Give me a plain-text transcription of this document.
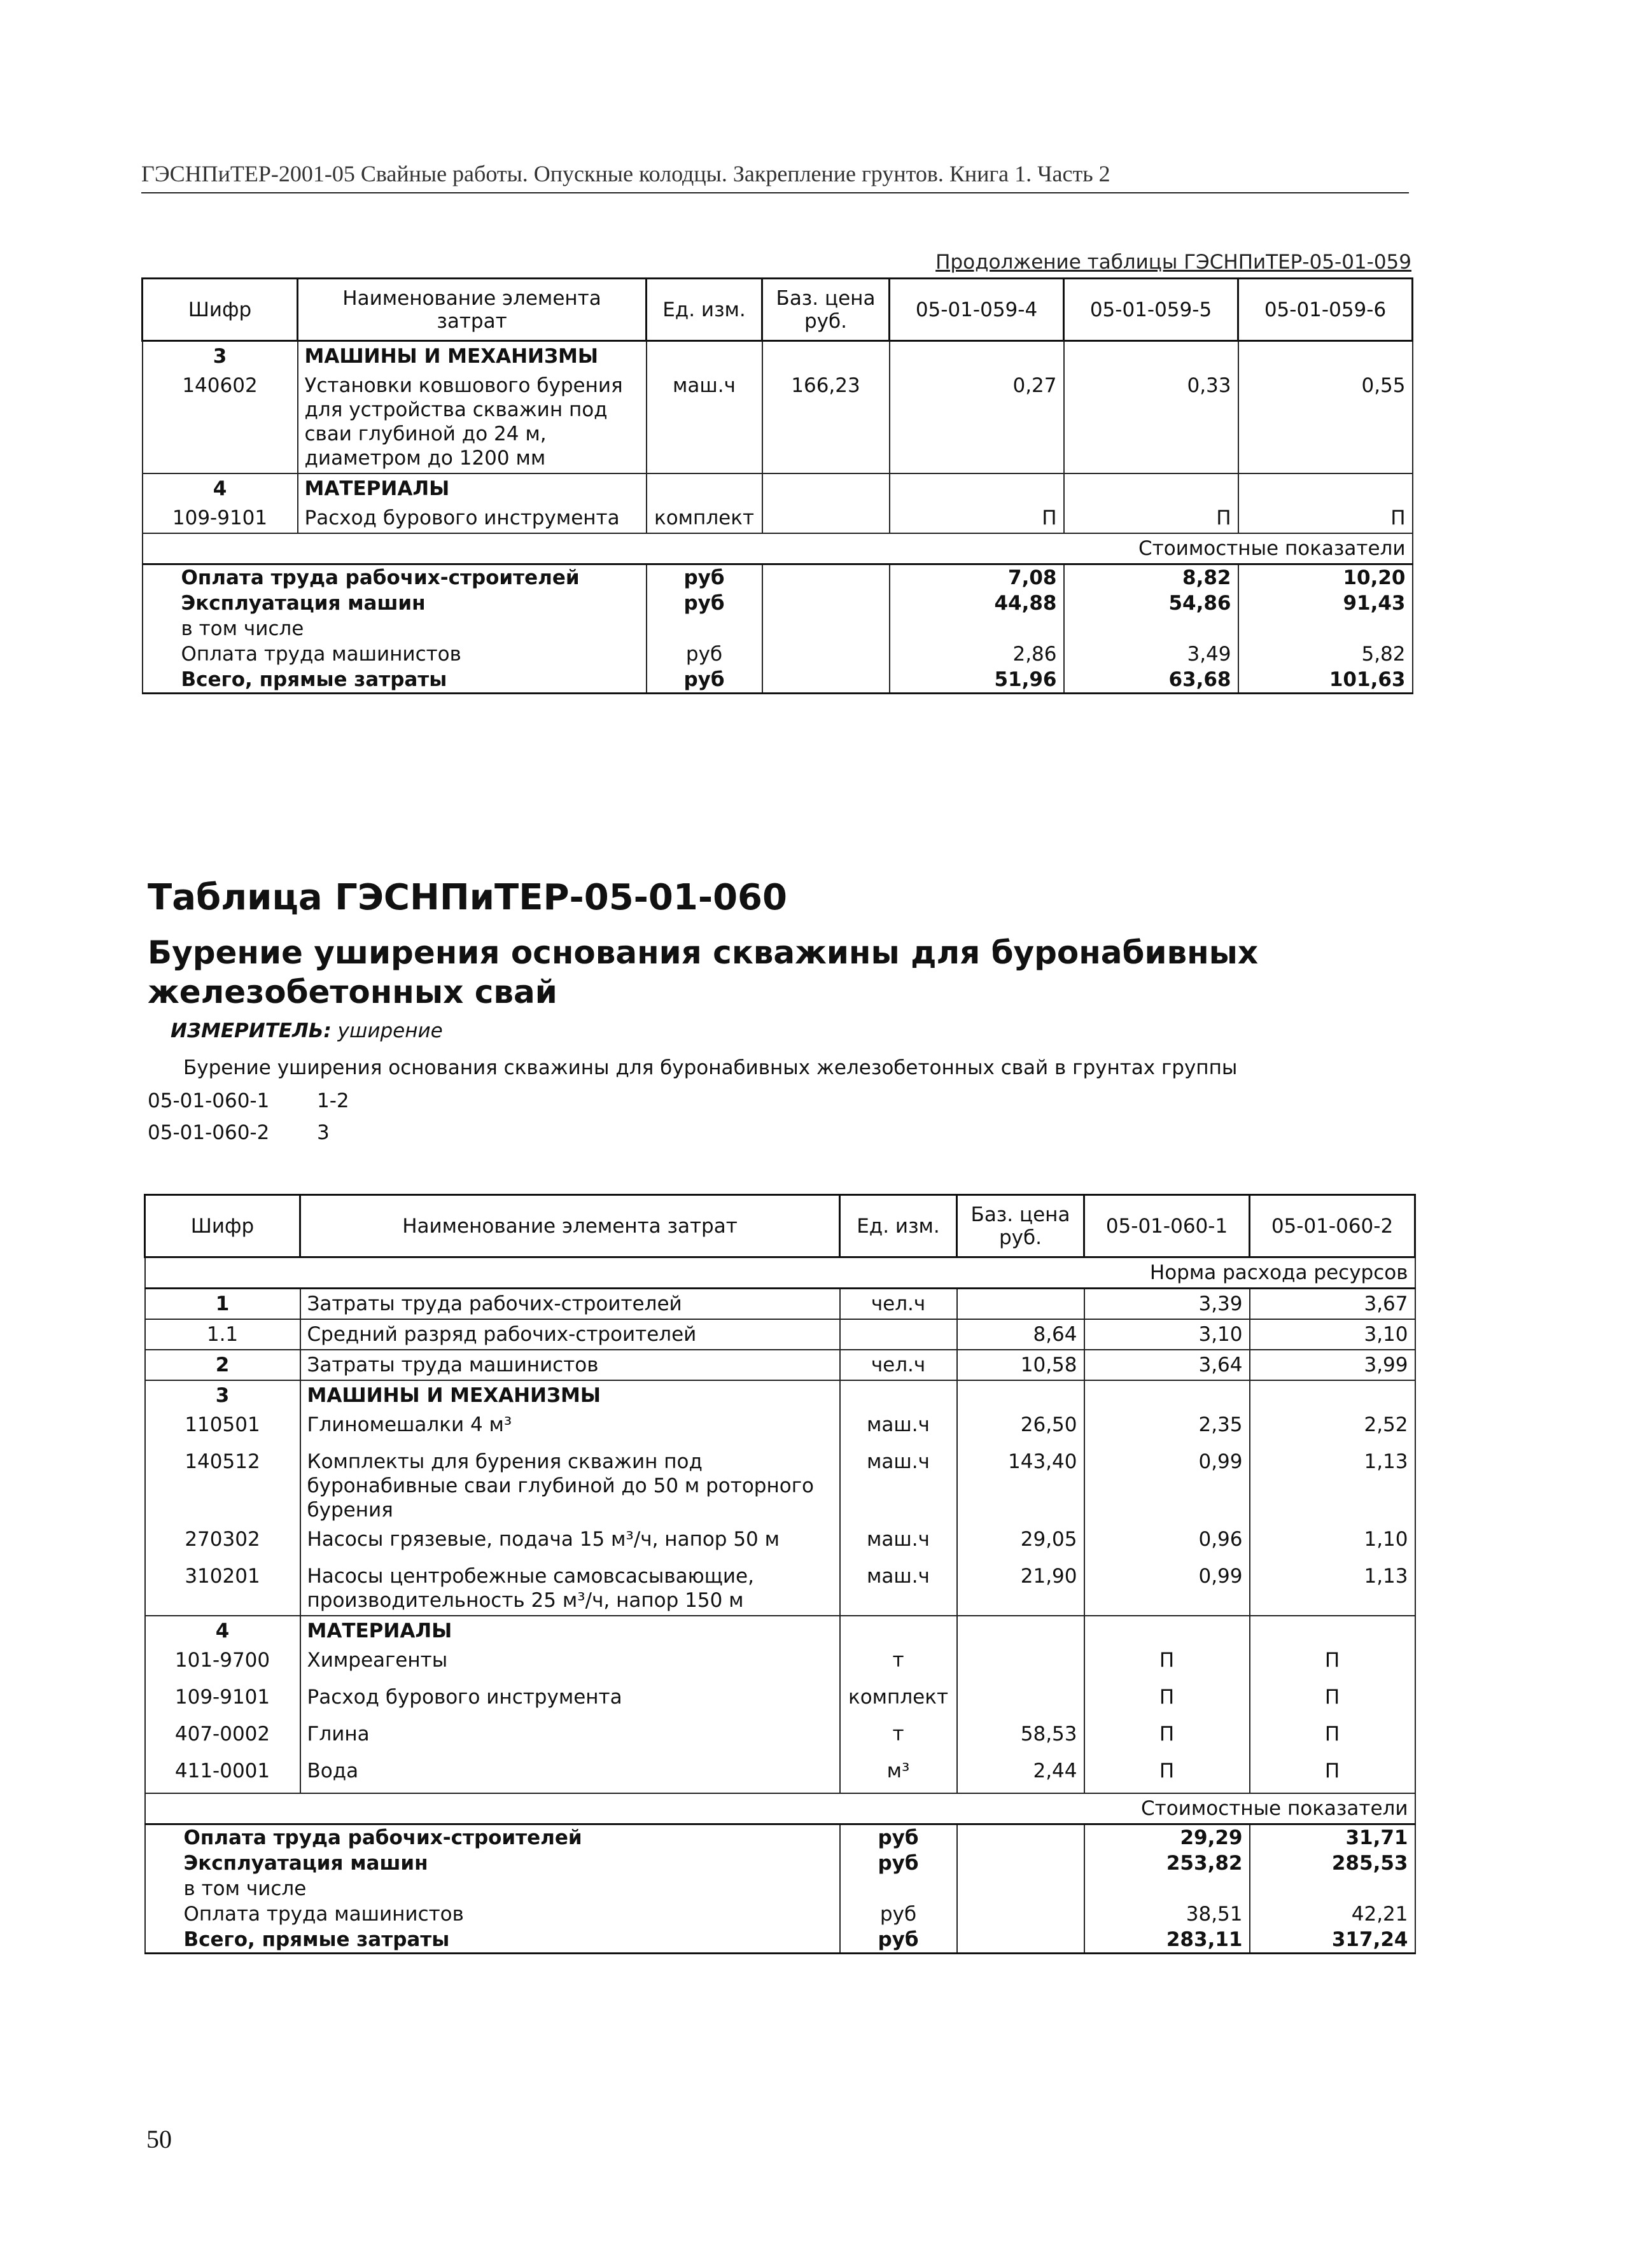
ГЭСНПиТЕР-2001-05 Свайные работы. Опускные колодцы. Закрепление грунтов. Книга 1. Часть 2
Продолжение таблицы ГЭСНПиТЕР-05-01-059
Шифр	Наименование элемента затрат	Ед. изм.	Баз. цена руб.	05-01-059-4	05-01-059-5	05-01-059-6
3	МАШИНЫ И МЕХАНИЗМЫ					
140602	Установки ковшового бурения для устройства скважин под сваи глубиной до 24 м, диаметром до 1200 мм	маш.ч	166,23	0,27	0,33	0,55
4	МАТЕРИАЛЫ					
109-9101	Расход бурового инструмента	комплект		П	П	П
Стоимостные показатели						
Оплата труда рабочих-строителей		руб		7,08	8,82	10,20
Эксплуатация машин		руб		44,88	54,86	91,43
в том числе						
Оплата труда машинистов		руб		2,86	3,49	5,82
Всего, прямые затраты		руб		51,96	63,68	101,63
Таблица ГЭСНПиТЕР-05-01-060
Бурение уширения основания скважины для буронабивных железобетонных свай
ИЗМЕРИТЕЛЬ: уширение
Бурение уширения основания скважины для буронабивных железобетонных свай в грунтах группы
05-01-060-1 1-2
05-01-060-2 3
Шифр	Наименование элемента затрат	Ед. изм.	Баз. цена руб.	05-01-060-1	05-01-060-2
Норма расхода ресурсов					
1	Затраты труда рабочих-строителей	чел.ч		3,39	3,67
1.1	Средний разряд рабочих-строителей		8,64	3,10	3,10
2	Затраты труда машинистов	чел.ч	10,58	3,64	3,99
3	МАШИНЫ И МЕХАНИЗМЫ				
110501	Глиномешалки 4 м³	маш.ч	26,50	2,35	2,52
140512	Комплекты для бурения скважин под буронабивные сваи глубиной до 50 м роторного бурения	маш.ч	143,40	0,99	1,13
270302	Насосы грязевые, подача 15 м³/ч, напор 50 м	маш.ч	29,05	0,96	1,10
310201	Насосы центробежные самовсасывающие, производительность 25 м³/ч, напор 150 м	маш.ч	21,90	0,99	1,13
4	МАТЕРИАЛЫ				
101-9700	Химреагенты	т		П	П
109-9101	Расход бурового инструмента	комплект		П	П
407-0002	Глина	т	58,53	П	П
411-0001	Вода	м³	2,44	П	П
Стоимостные показатели					
Оплата труда рабочих-строителей		руб		29,29	31,71
Эксплуатация машин		руб		253,82	285,53
в том числе					
Оплата труда машинистов		руб		38,51	42,21
Всего, прямые затраты		руб		283,11	317,24
50
